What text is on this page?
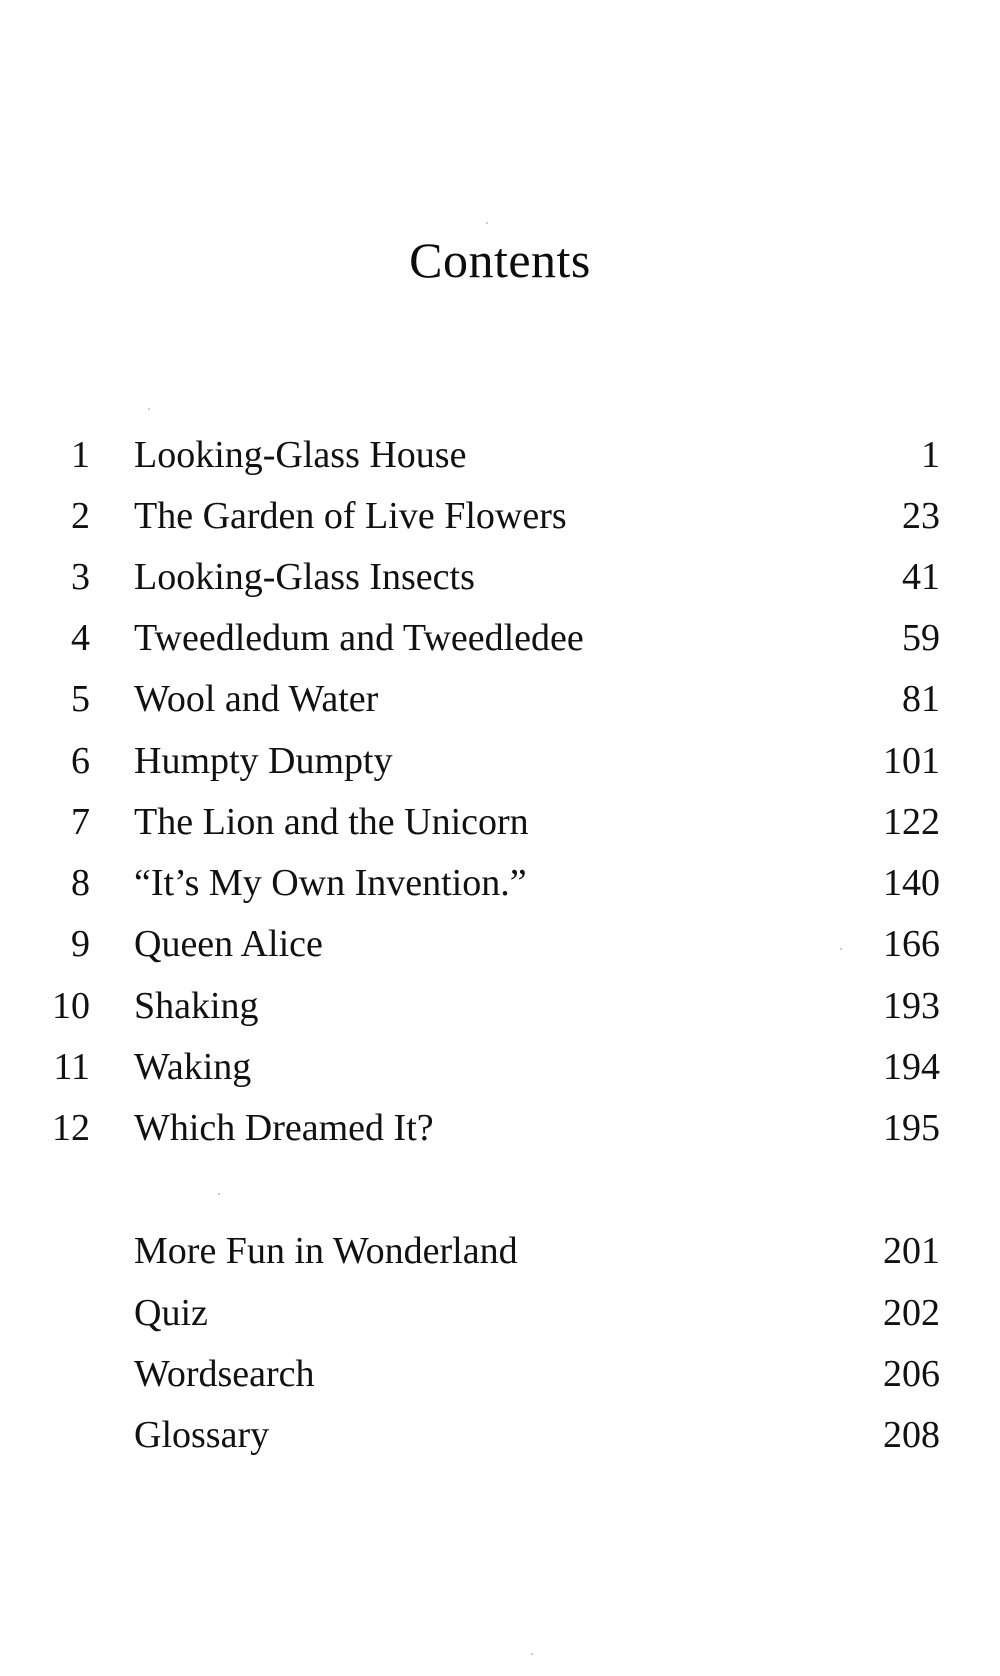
Contents
1 Looking-Glass House	1
2 The Garden of Live Flowers	23
3 Looking-Glass Insects	41
4 Tweedledum and Tweedledee	59
5 Wool and Water	81
6 Humpty Dumpty	101
7 The Lion and the Unicorn	122
8 “It’s My Own Invention.”	140
9 Queen Alice	166
10 Shaking	193
11 Waking	194
12 Which Dreamed It?	195
More Fun in Wonderland	201
Quiz	202
Wordsearch	206
Glossary	208
